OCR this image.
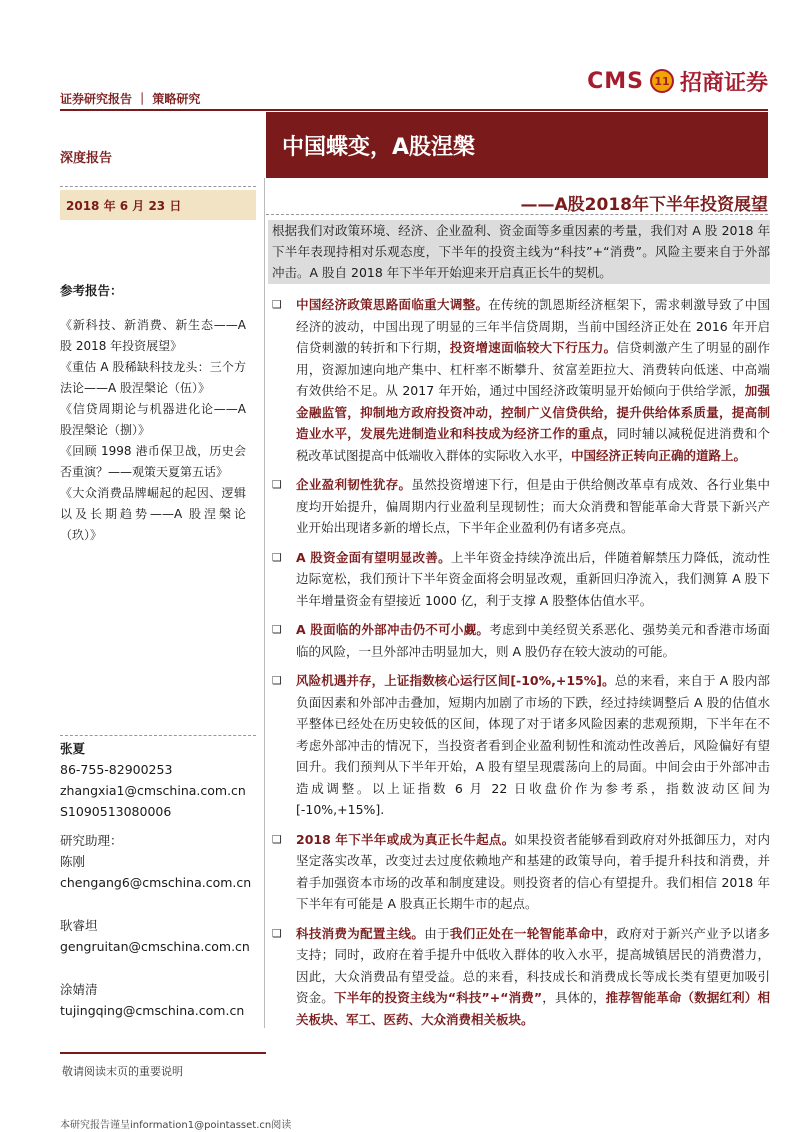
证券研究报告 ｜ 策略研究
CMS 11 招商证券
深度报告	中国蝶变，A股涅槃
2018 年 6 月 23 日	——A股2018年下半年投资展望
根据我们对政策环境、经济、企业盈利、资金面等多重因素的考量，我们对 A 股 2018 年下半年表现持相对乐观态度，下半年的投资主线为“科技”+“消费”。风险主要来自于外部冲击。A 股自 2018 年下半年开始迎来开启真正长牛的契机。
参考报告：
《新科技、新消费、新生态——A 股 2018 年投资展望》
《重估 A 股稀缺科技龙头：三个方法论——A 股涅槃论（伍）》
《信贷周期论与机器进化论——A 股涅槃论（捌）》
《回顾 1998 港币保卫战，历史会否重演？——观策天夏第五话》
《大众消费品牌崛起的起因、逻辑以及长期趋势——A 股涅槃论（玖）》
张夏
86-755-82900253
zhangxia1@cmschina.com.cn
S1090513080006
研究助理：
陈刚
chengang6@cmschina.com.cn
耿睿坦
gengruitan@cmschina.com.cn
涂婧清
tujingqing@cmschina.com.cn
❑ 中国经济政策思路面临重大调整。在传统的凯恩斯经济框架下，需求刺激导致了中国经济的波动，中国出现了明显的三年半信贷周期，当前中国经济正处在 2016 年开启信贷刺激的转折和下行期，投资增速面临较大下行压力。信贷刺激产生了明显的副作用，资源加速向地产集中、杠杆率不断攀升、贫富差距拉大、消费转向低迷、中高端有效供给不足。从 2017 年开始，通过中国经济政策明显开始倾向于供给学派，加强金融监管，抑制地方政府投资冲动，控制广义信贷供给，提升供给体系质量，提高制造业水平，发展先进制造业和科技成为经济工作的重点，同时辅以减税促进消费和个税改革试图提高中低端收入群体的实际收入水平，中国经济正转向正确的道路上。
❑ 企业盈利韧性犹存。虽然投资增速下行，但是由于供给侧改革卓有成效、各行业集中度均开始提升，偏周期内行业盈利呈现韧性；而大众消费和智能革命大背景下新兴产业开始出现诸多新的增长点，下半年企业盈利仍有诸多亮点。
❑ A 股资金面有望明显改善。上半年资金持续净流出后，伴随着解禁压力降低，流动性边际宽松，我们预计下半年资金面将会明显改观，重新回归净流入，我们测算 A 股下半年增量资金有望接近 1000 亿，利于支撑 A 股整体估值水平。
❑ A 股面临的外部冲击仍不可小觑。考虑到中美经贸关系恶化、强势美元和香港市场面临的风险，一旦外部冲击明显加大，则 A 股仍存在较大波动的可能。
❑ 风险机遇并存，上证指数核心运行区间[-10%,+15%]。总的来看，来自于 A 股内部负面因素和外部冲击叠加，短期内加剧了市场的下跌，经过持续调整后 A 股的估值水平整体已经处在历史较低的区间，体现了对于诸多风险因素的悲观预期，下半年在不考虑外部冲击的情况下，当投资者看到企业盈利韧性和流动性改善后，风险偏好有望回升。我们预判从下半年开始，A 股有望呈现震荡向上的局面。中间会由于外部冲击造成调整。以上证指数 6 月 22 日收盘价作为参考系，指数波动区间为[-10%,+15%].
❑ 2018 年下半年或成为真正长牛起点。如果投资者能够看到政府对外抵御压力，对内坚定落实改革，改变过去过度依赖地产和基建的政策导向，着手提升科技和消费，并着手加强资本市场的改革和制度建设。则投资者的信心有望提升。我们相信 2018 年下半年有可能是 A 股真正长期牛市的起点。
❑ 科技消费为配置主线。由于我们正处在一轮智能革命中，政府对于新兴产业予以诸多支持；同时，政府在着手提升中低收入群体的收入水平，提高城镇居民的消费潜力，因此，大众消费品有望受益。总的来看，科技成长和消费成长等成长类有望更加吸引资金。下半年的投资主线为“科技”+“消费”，具体的，推荐智能革命（数据红利）相关板块、军工、医药、大众消费相关板块。
敬请阅读末页的重要说明
本研究报告谨呈information1@pointasset.cn阅读
